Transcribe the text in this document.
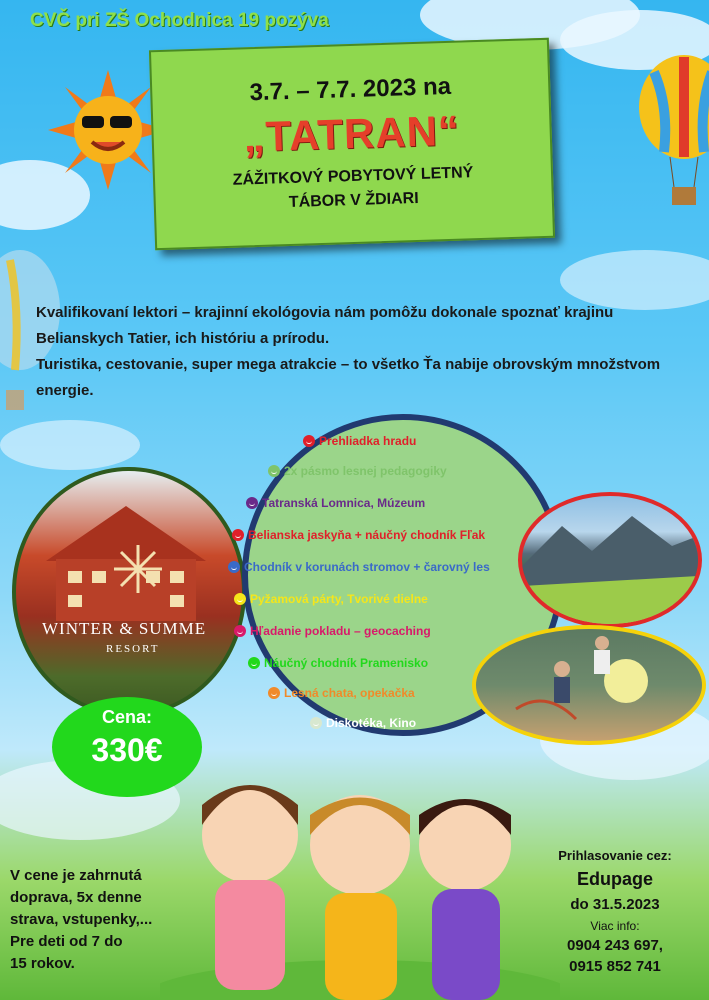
CVČ pri ZŠ Ochodnica 19 pozýva
3.7. – 7.7. 2023 na
„TATRAN“
ZÁŽITKOVÝ POBYTOVÝ LETNÝ
TÁBOR V ŽDIARI

Kvalifikovaní lektori – krajinní ekológovia nám pomôžu dokonale spoznať krajinu Belianskych Tatier, ich históriu a prírodu.

Turistika, cestovanie, super mega atrakcie – to všetko Ťa nabije obrovským množstvom energie.

WINTER & SUMME
RESORT
Prehliadka hradu
2x pásmo lesnej pedagogiky
Tatranská Lomnica, Múzeum
Belianska jaskyňa + náučný chodník Fľak
Chodník v korunách stromov + čarovný les
Pyžamová párty, Tvorivé dielne
Hľadanie pokladu – geocaching
Náučný chodník Pramenisko
Lesná chata, opekačka
Diskotéka, Kino
Cena:
330€
V cene je zahrnutá
doprava, 5x denne
strava, vstupenky,...
Pre deti od 7 do
15 rokov.
Prihlasovanie cez:
Edupage
do 31.5.2023
Viac info:
0904 243 697,
0915 852 741
